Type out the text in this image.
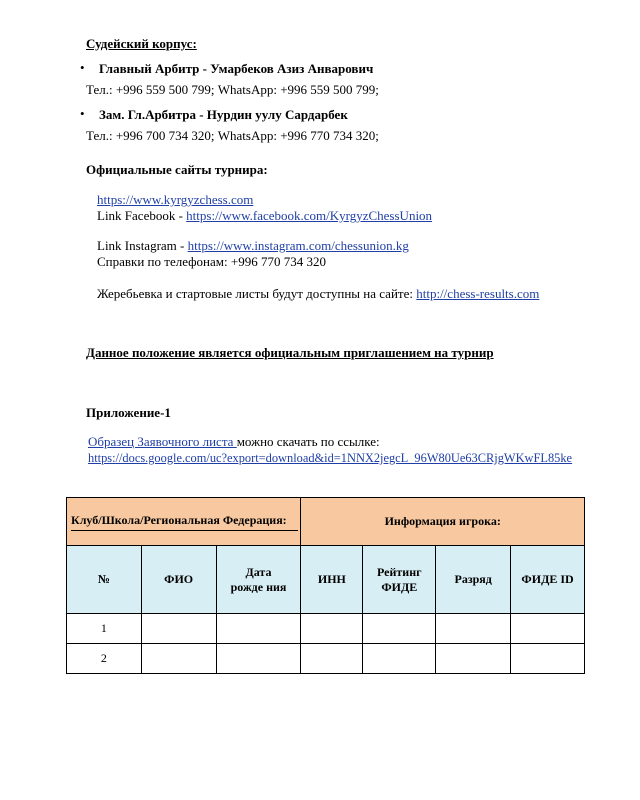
Судейский корпус:
• Главный Арбитр - Умарбеков Азиз Анварович
Тел.: +996 559 500 799; WhatsApp: +996 559 500 799;
• Зам. Гл.Арбитра - Нурдин уулу Сардарбек
Тел.: +996 700 734 320; WhatsApp: +996 770 734 320;
Официальные сайты турнира:
https://www.kyrgyzchess.com
Link Facebook - https://www.facebook.com/KyrgyzChessUnion
Link Instagram - https://www.instagram.com/chessunion.kg
Справки по телефонам: +996 770 734 320
Жеребьевка и стартовые листы будут доступны на сайте: http://chess-results.com
Данное положение является официальным приглашением на турнир
Приложение-1
Образец Заявочного листа можно скачать по ссылке:
https://docs.google.com/uc?export=download&id=1NNX2jegcL_96W80Ue63CRjgWKwFL85ke
Клуб/Школа/Региональная Федерация:			Информация игрока:			
№	ФИО	Дата рожде ния	ИНН	Рейтинг ФИДЕ	Разряд	ФИДЕ ID
1						
2						
